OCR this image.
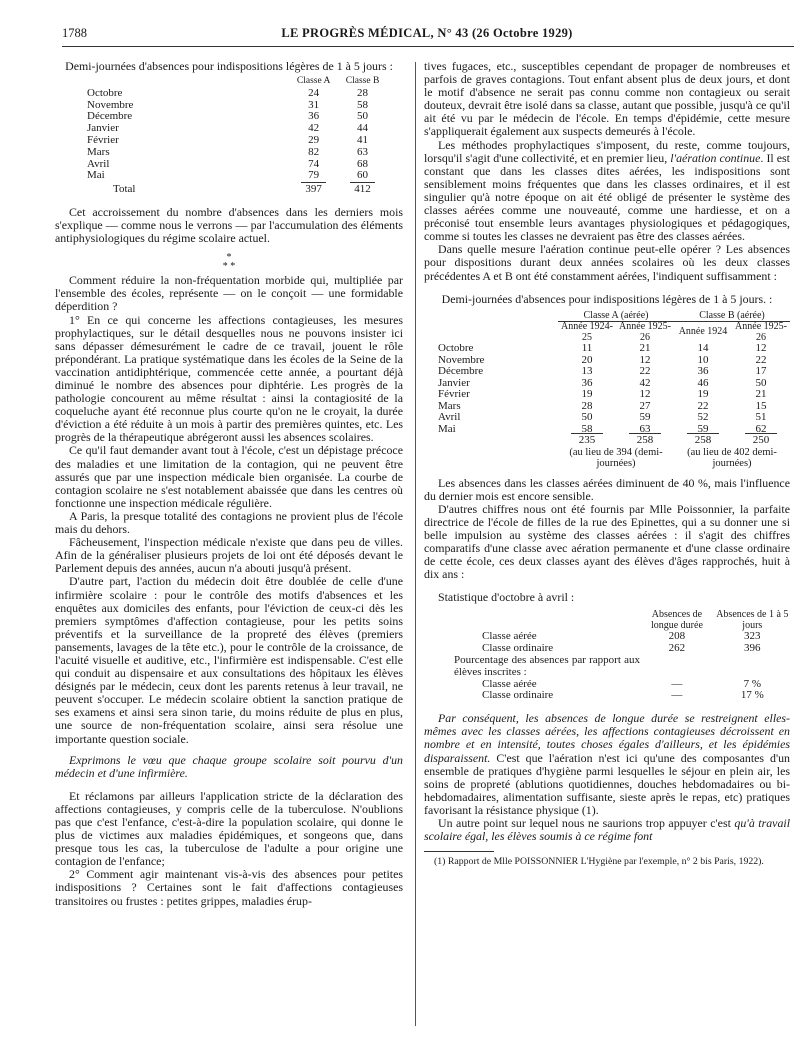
1788	LE PROGRÈS MÉDICAL, N° 43 (26 Octobre 1929)
Demi-journées d'absences pour indispositions légères de 1 à 5 jours :
	Classe A	Classe B
Octobre	24	28
Novembre	31	58
Décembre	36	50
Janvier	42	44
Février	29	41
Mars	82	63
Avril	74	68
Mai	79	60
Total	397	412

Cet accroissement du nombre d'absences dans les derniers mois s'explique — comme nous le verrons — par l'accumulation des éléments antiphysiologiques du régime scolaire actuel.

*
* *

Comment réduire la non-fréquentation morbide qui, multipliée par l'ensemble des écoles, représente — on le conçoit — une formidable déperdition ?

1° En ce qui concerne les affections contagieuses, les mesures prophylactiques, sur le détail desquelles nous ne pouvons insister ici sans dépasser démesurément le cadre de ce travail, jouent le rôle prépondérant. La pratique systématique dans les écoles de la Seine de la vaccination antidiphtérique, commencée cette année, a pourtant déjà diminué le nombre des absences pour diphtérie. Les progrès de la pathologie concourent au même résultat : ainsi la contagiosité de la coqueluche ayant été reconnue plus courte qu'on ne le croyait, la durée d'éviction a été réduite à un mois à partir des premières quintes, etc. Les progrès de la thérapeutique abrégeront aussi les absences scolaires.

Ce qu'il faut demander avant tout à l'école, c'est un dépistage précoce des maladies et une limitation de la contagion, qui ne peuvent être assurés que par une inspection médicale bien organisée. La courbe de contagion scolaire ne s'est notablement abaissée que dans les centres où fonctionne une inspection médicale régulière.

A Paris, la presque totalité des contagions ne provient plus de l'école mais du dehors.

Fâcheusement, l'inspection médicale n'existe que dans peu de villes. Afin de la généraliser plusieurs projets de loi ont été déposés devant le Parlement depuis des années, aucun n'a abouti jusqu'à présent.

D'autre part, l'action du médecin doit être doublée de celle d'une infirmière scolaire : pour le contrôle des motifs d'absences et les enquêtes aux domiciles des enfants, pour l'éviction de ceux-ci dès les premiers symptômes d'affection contagieuse, pour les petits soins préventifs et la surveillance de la propreté des élèves (premiers pansements, lavages de la tête etc.), pour le contrôle de la croissance, de l'acuité visuelle et auditive, etc., l'infirmière est indispensable. C'est elle qui conduit au dispensaire et aux consultations des hôpitaux les élèves désignés par le médecin, ceux dont les parents retenus à leur travail, ne peuvent s'occuper. Le médecin scolaire obtient la sanction pratique de ses examens et ainsi sera sinon tarie, du moins réduite de plus en plus, une source de non-fréquentation scolaire, ainsi sera résolue une importante question sociale.

Exprimons le vœu que chaque groupe scolaire soit pourvu d'un médecin et d'une infirmière.

Et réclamons par ailleurs l'application stricte de la déclaration des affections contagieuses, y compris celle de la tuberculose. N'oublions pas que c'est l'enfance, c'est-à-dire la population scolaire, qui donne le plus de victimes aux maladies épidémiques, et songeons que, dans presque tous les cas, la tuberculose de l'adulte a pour origine une contagion de l'enfance;

2° Comment agir maintenant vis-à-vis des absences pour petites indispositions ? Certaines sont le fait d'affections contagieuses transitoires ou frustes : petites grippes, maladies érup-

tives fugaces, etc., susceptibles cependant de propager de nombreuses et parfois de graves contagions. Tout enfant absent plus de deux jours, et dont le motif d'absence ne serait pas connu comme non contagieux ou serait douteux, devrait être isolé dans sa classe, autant que possible, jusqu'à ce qu'il ait été vu par le médecin de l'école. En temps d'épidémie, cette mesure s'appliquerait également aux suspects demeurés à l'école.

Les méthodes prophylactiques s'imposent, du reste, comme toujours, lorsqu'il s'agit d'une collectivité, et en premier lieu, l'aération continue. Il est constant que dans les classes dites aérées, les indispositions sont sensiblement moins fréquentes que dans les classes ordinaires, et il est singulier qu'à notre époque on ait été obligé de présenter le système des classes aérées comme une nouveauté, comme une hardiesse, et on a préconisé tout ensemble leurs avantages physiologiques et pédagogiques, comme si toutes les classes ne devraient pas être des classes aérées.

Dans quelle mesure l'aération continue peut-elle opérer ? Les absences pour dispositions durant deux années scolaires où les deux classes précédentes A et B ont été constamment aérées, l'indiquent suffisamment :

Demi-journées d'absences pour indispositions légères de 1 à 5 jours. :
	Classe A (aérée)		Classe B (aérée)	
	Année 1924-25	Année 1925-26	Année 1924	Année 1925-26
Octobre	11	21	14	12
Novembre	20	12	10	22
Décembre	13	22	36	17
Janvier	36	42	46	50
Février	19	12	19	21
Mars	28	27	22	15
Avril	50	59	52	51
Mai	58	63	59	62
	235	258	258	250
	(au lieu de 394 (demi-journées)		(au lieu de 402 demi-journées)	

Les absences dans les classes aérées diminuent de 40 %, mais l'influence du dernier mois est encore sensible.

D'autres chiffres nous ont été fournis par Mlle Poissonnier, la parfaite directrice de l'école de filles de la rue des Epinettes, qui a su donner une si belle impulsion au système des classes aérées : il s'agit des chiffres comparatifs d'une classe avec aération permanente et d'une classe ordinaire de cette école, ces deux classes ayant des élèves d'âges rapprochés, huit à dix ans :

Statistique d'octobre à avril :

	Absences de longue durée	Absences de 1 à 5 jours
Classe aérée	208	323
Classe ordinaire	262	396
Pourcentage des absences par rapport aux élèves inscrites :		
Classe aérée	—	7 %
Classe ordinaire	—	17 %

Par conséquent, les absences de longue durée se restreignent elles-mêmes avec les classes aérées, les affections contagieuses décroissent en nombre et en intensité, toutes choses égales d'ailleurs, et les épidémies disparaissent. C'est que l'aération n'est ici qu'une des composantes d'un ensemble de pratiques d'hygiène parmi lesquelles le séjour en plein air, les soins de propreté (ablutions quotidiennes, douches hebdomadaires ou bi-hebdomadaires, alimentation suffisante, sieste après le repas, etc) pratiques favorisant la résistance physique (1).

Un autre point sur lequel nous ne saurions trop appuyer c'est qu'à travail scolaire égal, les élèves soumis à ce régime font

(1) Rapport de Mlle POISSONNIER L'Hygiène par l'exemple, n° 2 bis Paris, 1922).
